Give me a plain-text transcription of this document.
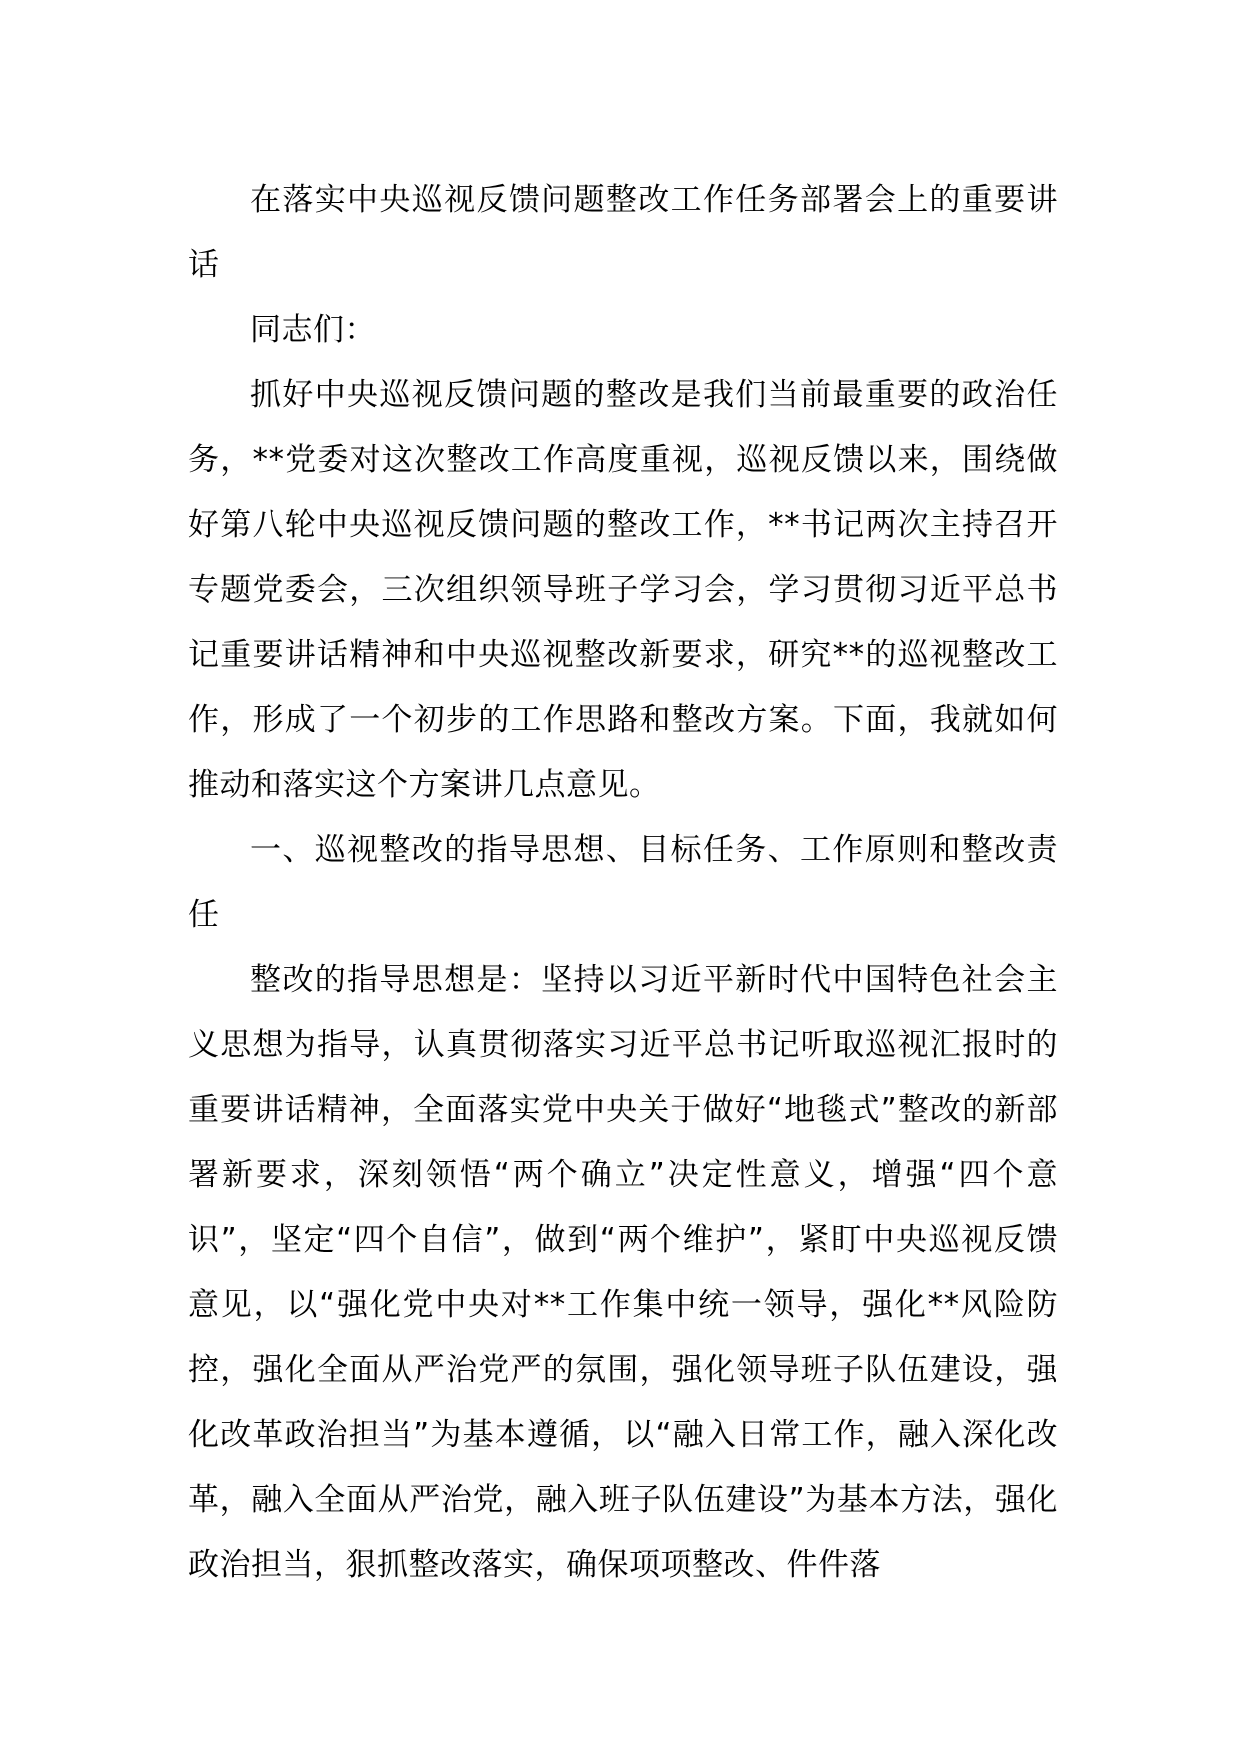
在落实中央巡视反馈问题整改工作任务部署会上的重要讲话

同志们：

抓好中央巡视反馈问题的整改是我们当前最重要的政治任务，**党委对这次整改工作高度重视，巡视反馈以来，围绕做好第八轮中央巡视反馈问题的整改工作，**书记两次主持召开专题党委会，三次组织领导班子学习会，学习贯彻习近平总书记重要讲话精神和中央巡视整改新要求，研究**的巡视整改工作，形成了一个初步的工作思路和整改方案。下面，我就如何推动和落实这个方案讲几点意见。

一、巡视整改的指导思想、目标任务、工作原则和整改责任

整改的指导思想是：坚持以习近平新时代中国特色社会主义思想为指导，认真贯彻落实习近平总书记听取巡视汇报时的重要讲话精神，全面落实党中央关于做好“地毯式”整改的新部署新要求，深刻领悟“两个确立”决定性意义，增强“四个意识”，坚定“四个自信”，做到“两个维护”，紧盯中央巡视反馈意见，以“强化党中央对**工作集中统一领导，强化**风险防控，强化全面从严治党严的氛围，强化领导班子队伍建设，强化改革政治担当”为基本遵循，以“融入日常工作，融入深化改革，融入全面从严治党，融入班子队伍建设”为基本方法，强化政治担当，狠抓整改落实，确保项项整改、件件落
